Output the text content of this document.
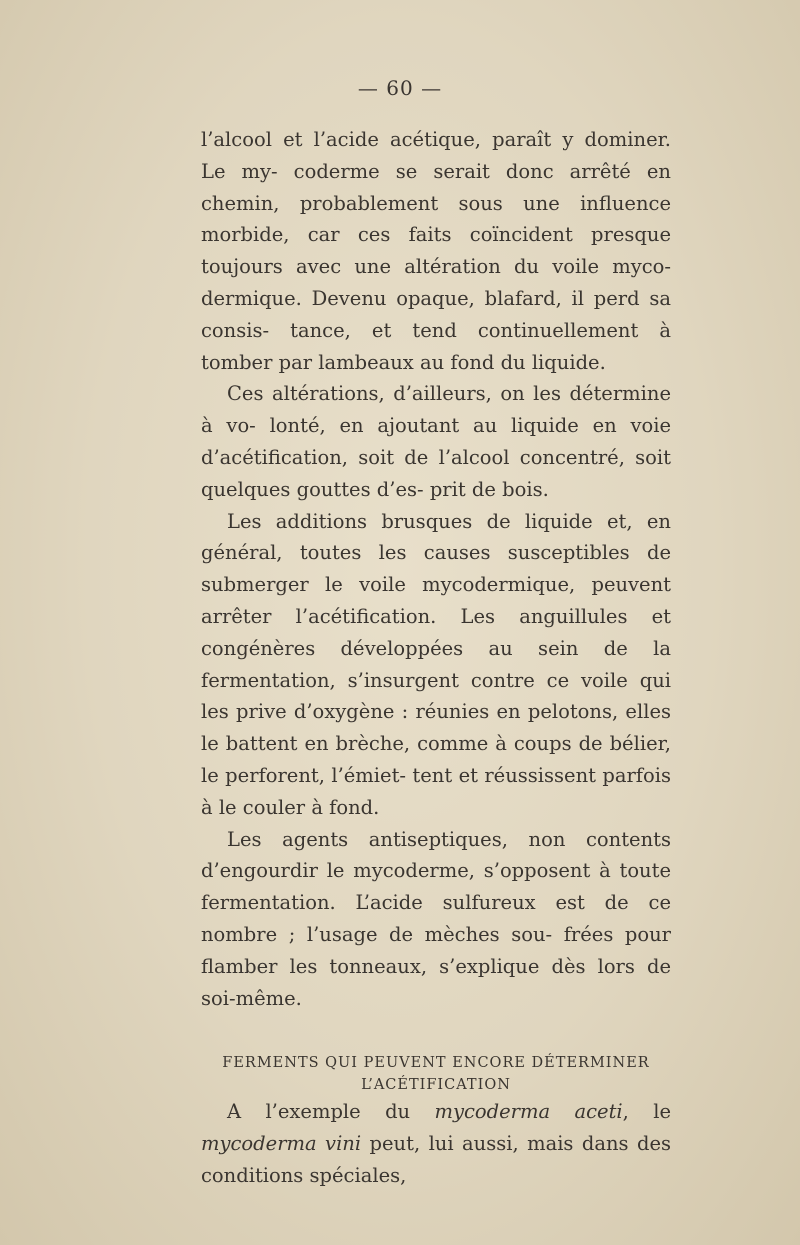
— 60 —

l’alcool et l’acide acétique, paraît y dominer. Le my- coderme se serait donc arrêté en chemin, probablement sous une influence morbide, car ces faits coïncident presque toujours avec une altération du voile myco- dermique. Devenu opaque, blafard, il perd sa consis- tance, et tend continuellement à tomber par lambeaux au fond du liquide.

Ces altérations, d’ailleurs, on les détermine à vo- lonté, en ajoutant au liquide en voie d’acétification, soit de l’alcool concentré, soit quelques gouttes d’es- prit de bois.

Les additions brusques de liquide et, en général, toutes les causes susceptibles de submerger le voile mycodermique, peuvent arrêter l’acétification. Les anguillules et congénères développées au sein de la fermentation, s’insurgent contre ce voile qui les prive d’oxygène : réunies en pelotons, elles le battent en brèche, comme à coups de bélier, le perforent, l’émiet- tent et réussissent parfois à le couler à fond.

Les agents antiseptiques, non contents d’engourdir le mycoderme, s’opposent à toute fermentation. L’acide sulfureux est de ce nombre ; l’usage de mèches sou- frées pour flamber les tonneaux, s’explique dès lors de soi-même.

FERMENTS QUI PEUVENT ENCORE DÉTERMINER
L’ACÉTIFICATION

A l’exemple du mycoderma aceti, le mycoderma vini peut, lui aussi, mais dans des conditions spéciales,
